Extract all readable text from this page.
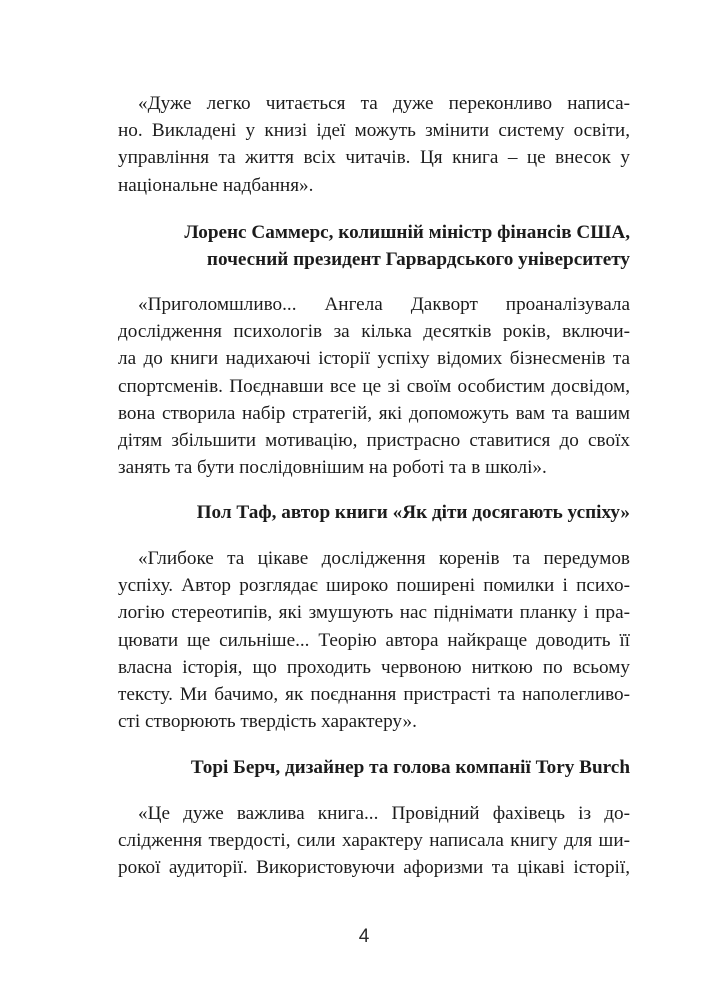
«Дуже легко читається та дуже переконливо написа-
но. Викладені у книзі ідеї можуть змінити систему освіти,
управління та життя всіх читачів. Ця книга – це внесок у
національне надбання».

Лоренс Саммерс, колишній міністр фінансів США,
почесний президент Гарвардського університету

«Приголомшливо... Ангела Дакворт проаналізувала
дослідження психологів за кілька десятків років, включи-
ла до книги надихаючі історії успіху відомих бізнесменів та
спортсменів. Поєднавши все це зі своїм особистим досвідом,
вона створила набір стратегій, які допоможуть вам та вашим
дітям збільшити мотивацію, пристрасно ставитися до своїх
занять та бути послідовнішим на роботі та в школі».

Пол Таф, автор книги «Як діти досягають успіху»

«Глибоке та цікаве дослідження коренів та передумов
успіху. Автор розглядає широко поширені помилки і психо-
логію стереотипів, які змушують нас піднімати планку і пра-
цювати ще сильніше... Теорію автора найкраще доводить її
власна історія, що проходить червоною ниткою по всьому
тексту. Ми бачимо, як поєднання пристрасті та наполегливо-
сті створюють твердість характеру».

Торі Берч, дизайнер та голова компанії Tory Burch

«Це дуже важлива книга... Провідний фахівець із до-
слідження твердості, сили характеру написала книгу для ши-
рокої аудиторії. Використовуючи афоризми та цікаві історії,

4
